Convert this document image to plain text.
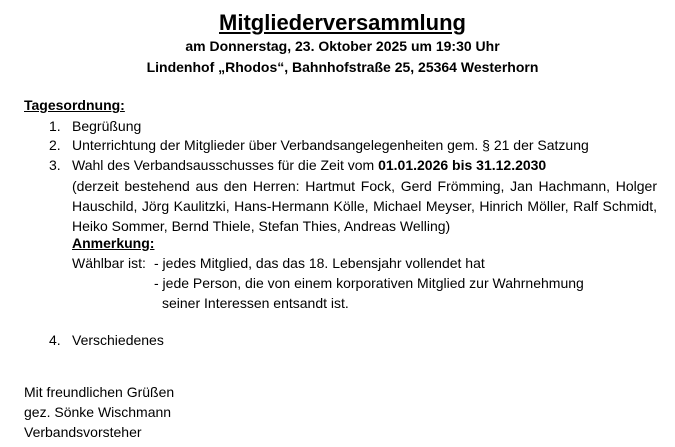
Mitgliederversammlung
am Donnerstag, 23. Oktober 2025 um 19:30 Uhr
Lindenhof „Rhodos“, Bahnhofstraße 25, 25364 Westerhorn
Tagesordnung:
1. Begrüßung
2. Unterrichtung der Mitglieder über Verbandsangelegenheiten gem. § 21 der Satzung
3. Wahl des Verbandsausschusses für die Zeit vom 01.01.2026 bis 31.12.2030
(derzeit bestehend aus den Herren: Hartmut Fock, Gerd Frömming, Jan Hachmann, Holger Hauschild, Jörg Kaulitzki, Hans-Hermann Kölle, Michael Meyser, Hinrich Möller, Ralf Schmidt, Heiko Sommer, Bernd Thiele, Stefan Thies, Andreas Welling)
Anmerkung:
Wählbar ist: - jedes Mitglied, das das 18. Lebensjahr vollendet hat
- jede Person, die von einem korporativen Mitglied zur Wahrnehmung
seiner Interessen entsandt ist.
4. Verschiedenes
Mit freundlichen Grüßen
gez. Sönke Wischmann
Verbandsvorsteher
